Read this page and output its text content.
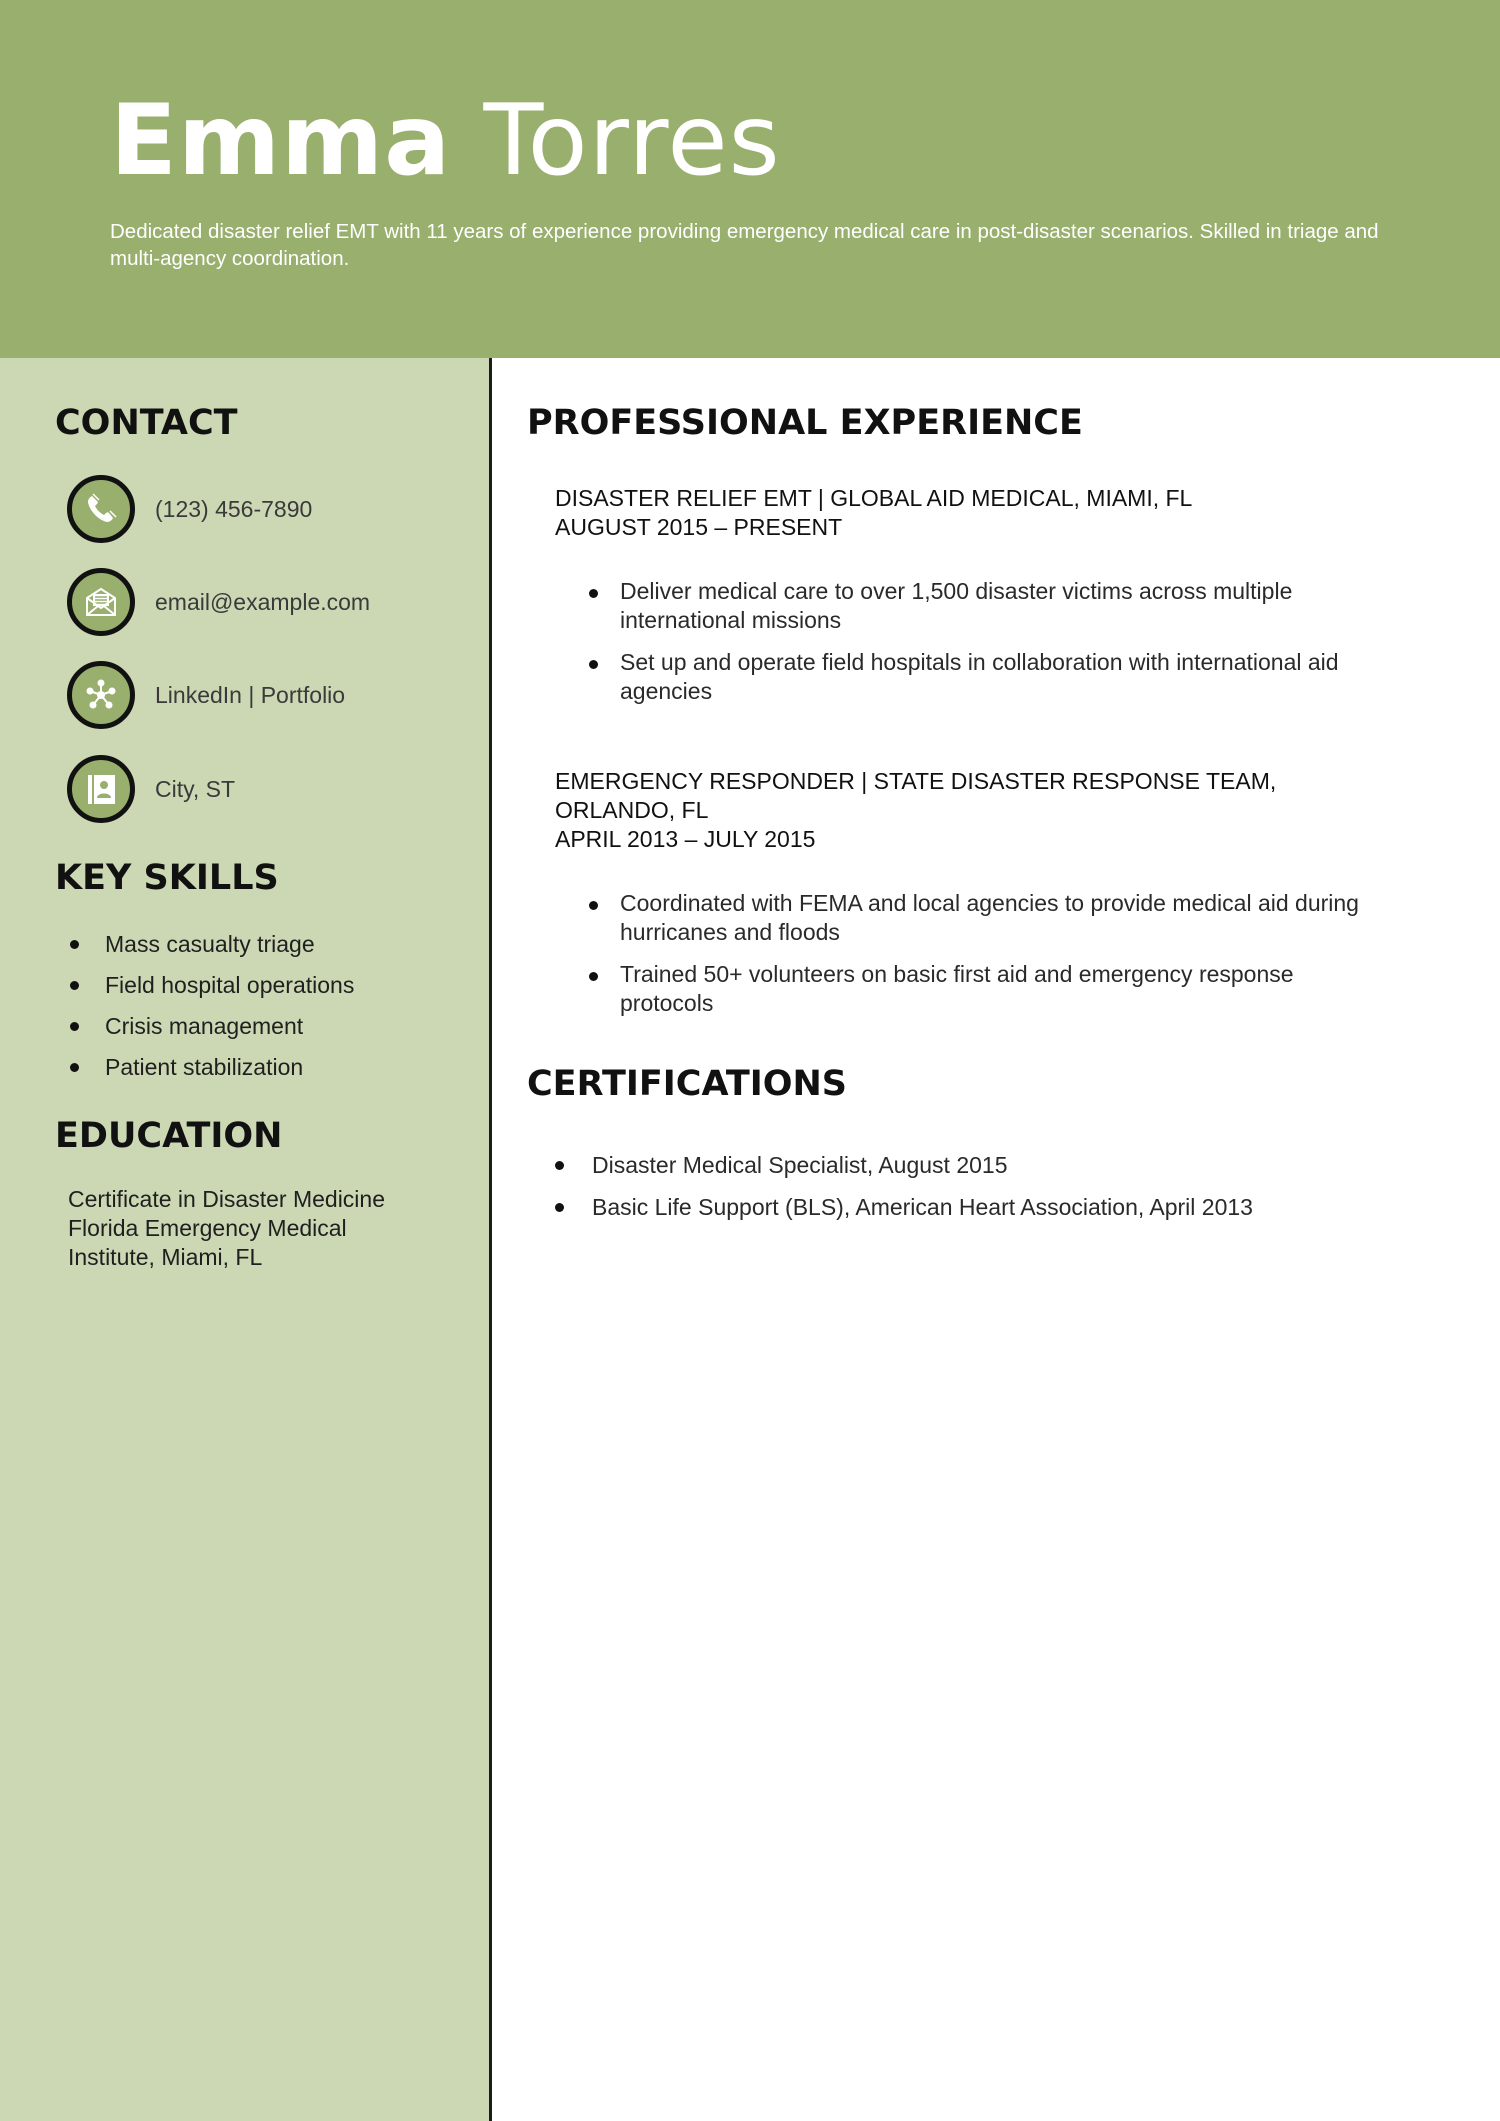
Emma Torres
Dedicated disaster relief EMT with 11 years of experience providing emergency medical care in post-disaster scenarios. Skilled in triage and multi-agency coordination.
CONTACT
(123) 456-7890
email@example.com
LinkedIn | Portfolio
City, ST
KEY SKILLS
Mass casualty triage
Field hospital operations
Crisis management
Patient stabilization
EDUCATION
Certificate in Disaster Medicine
Florida Emergency Medical
Institute, Miami, FL
PROFESSIONAL EXPERIENCE
DISASTER RELIEF EMT | GLOBAL AID MEDICAL, MIAMI, FL
AUGUST 2015 – PRESENT
Deliver medical care to over 1,500 disaster victims across multiple international missions
Set up and operate field hospitals in collaboration with international aid agencies
EMERGENCY RESPONDER | STATE DISASTER RESPONSE TEAM, ORLANDO, FL
APRIL 2013 – JULY 2015
Coordinated with FEMA and local agencies to provide medical aid during hurricanes and floods
Trained 50+ volunteers on basic first aid and emergency response protocols
CERTIFICATIONS
Disaster Medical Specialist, August 2015
Basic Life Support (BLS), American Heart Association, April 2013
